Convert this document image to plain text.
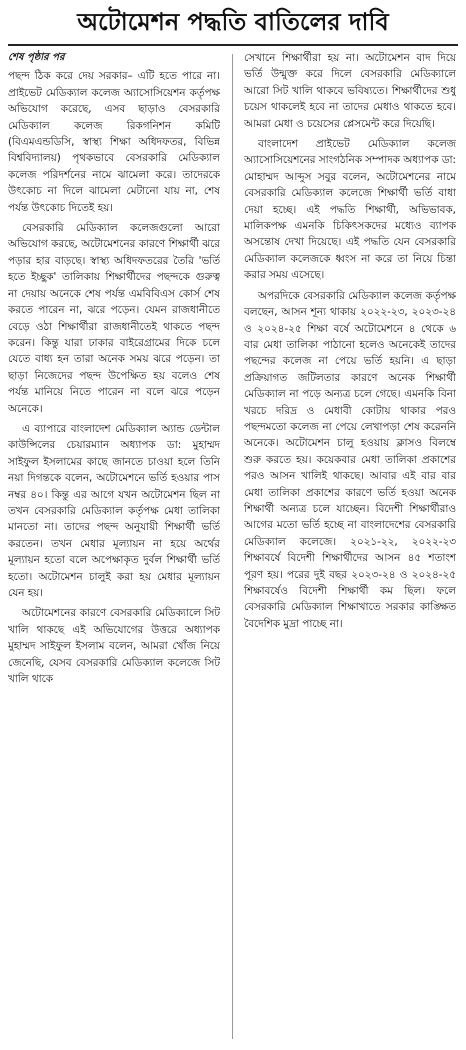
অটোমেশন পদ্ধতি বাতিলের দাবি
শেষ পৃষ্ঠার পর

পছন্দ ঠিক করে দেয় সরকার– এটি হতে পারে না। প্রাইভেট মেডিক্যাল কলেজ অ্যাসোসিয়েশন কর্তৃপক্ষ অভিযোগ করেছে, এসব ছাড়াও বেসরকারি মেডিক্যাল কলেজ রিকগনিশন কমিটি (বিএমএন্ডডিসি, স্বাস্থ্য শিক্ষা অধিদফতর, বিভিন্ন বিশ্ববিদ্যালয়) পৃথকভাবে বেসরকারি মেডিক্যাল কলেজ পরিদর্শনের নামে ঝামেলা করে। তাদেরকে উৎকোচ না দিলে ঝামেলা মেটানো যায় না, শেষ পর্যন্ত উৎকোচ দিতেই হয়।

বেসরকারি মেডিক্যাল কলেজগুলো আরো অভিযোগ করছে, অটোমেশনের কারণে শিক্ষার্থী ঝরে পড়ার হার বাড়ছে। স্বাস্থ্য অধিদফতরের তৈরি 'ভর্তি হতে ইচ্ছুক' তালিকায় শিক্ষার্থীদের পছন্দকে গুরুত্ব না দেয়ায় অনেকে শেষ পর্যন্ত এমবিবিএস কোর্স শেষ করতে পারেন না, ঝরে পড়েন। যেমন রাজধানীতে বেড়ে ওঠা শিক্ষার্থীরা রাজধানীতেই থাকতে পছন্দ করেন। কিন্তু যারা ঢাকার বাইরেগ্রামের দিকে চলে যেতে বাধ্য হন তারা অনেক সময় ঝরে পড়েন। তা ছাড়া নিজেদের পছন্দ উপেক্ষিত হয় বলেও শেষ পর্যন্ত মানিয়ে নিতে পারেন না বলে ঝরে পড়েন অনেকে।

এ ব্যাপারে বাংলাদেশ মেডিক্যাল অ্যান্ড ডেন্টাল কাউন্সিলের চেয়ারম্যান অধ্যাপক ডা: মুহাম্মদ সাইফুল ইসলামের কাছে জানতে চাওয়া হলে তিনি নয়া দিগন্তকে বলেন, অটোমেশনে ভর্তি হওয়ার পাস নম্বর ৪০। কিন্তু এর আগে যখন অটোমেশন ছিল না তখন বেসরকারি মেডিক্যাল কর্তৃপক্ষ মেধা তালিকা মানতো না। তাদের পছন্দ অনুযায়ী শিক্ষার্থী ভর্তি করতেন। তখন মেধার মূল্যায়ন না হয়ে অর্থের মূল্যায়ন হতো বলে অপেক্ষাকৃত দুর্বল শিক্ষার্থী ভর্তি হতো। অটোমেশন চালুই করা হয় মেধার মূল্যায়ন যেন হয়।

অটোমেশনের কারণে বেসরকারি মেডিক্যালে সিট খালি থাকছে এই অভিযোগের উত্তরে অধ্যাপক মুহাম্মদ সাইফুল ইসলাম বলেন, আমরা খোঁজ নিয়ে জেনেছি, যেসব বেসরকারি মেডিক্যাল কলেজে সিট খালি থাকে

সেখানে শিক্ষার্থীরা হয় না। অটোমেশন বাদ দিয়ে ভর্তি উন্মুক্ত করে দিলে বেসরকারি মেডিক্যালে আরো সিট খালি থাকবে ভবিষ্যতে। শিক্ষার্থীদের শুধু চয়েস থাকলেই হবে না তাদের মেধাও থাকতে হবে। আমরা মেধা ও চয়েসের প্লেসমেন্ট করে দিয়েছি।

বাংলাদেশ প্রাইভেট মেডিক্যাল কলেজ অ্যাসোসিয়েশনের সাংগঠনিক সম্পাদক অধ্যাপক ডা: মোহাম্মদ আব্দুস সবুর বলেন, অটোমেশনের নামে বেসরকারি মেডিক্যাল কলেজে শিক্ষার্থী ভর্তি বাধা দেয়া হচ্ছে। এই পদ্ধতি শিক্ষার্থী, অভিভাবক, মালিকপক্ষ এমনকি চিকিৎসকদের মধ্যেও ব্যাপক অসন্তোষ দেখা দিয়েছে। এই পদ্ধতি যেন বেসরকারি মেডিক্যাল কলেজকে ধ্বংস না করে তা নিয়ে চিন্তা করার সময় এসেছে।

অপরদিকে বেসরকারি মেডিক্যাল কলেজ কর্তৃপক্ষ বলছেন, আসন শূন্য থাকায় ২০২২-২৩, ২০২৩-২৪ ও ২০২৪-২৫ শিক্ষা বর্ষে অটোমেশনে ৪ থেকে ৬ বার মেধা তালিকা পাঠানো হলেও অনেকেই তাদের পছন্দের কলেজ না পেয়ে ভর্তি হয়নি। এ ছাড়া প্রক্রিয়াগত জটিলতার কারণে অনেক শিক্ষার্থী মেডিক্যাল না পড়ে অন্যত্র চলে গেছে। এমনকি বিনা খরচে দরিদ্র ও মেধাবী কোটায় থাকার পরও পছন্দমতো কলেজ না পেয়ে লেখাপড়া শেষ করেননি অনেকে। অটোমেশন চালু হওয়ায় ক্লাসও বিলম্বে শুরু করতে হয়। কয়েকবার মেধা তালিকা প্রকাশের পরও আসন খালিই থাকছে। আবার এই বার বার মেধা তালিকা প্রকাশের কারণে ভর্তি হওয়া অনেক শিক্ষার্থী অন্যত্র চলে যাচ্ছেন। বিদেশী শিক্ষার্থীরাও আগের মতো ভর্তি হচ্ছে না বাংলাদেশের বেসরকারি মেডিক্যাল কলেজে। ২০২১-২২, ২০২২-২৩ শিক্ষাবর্ষে বিদেশী শিক্ষার্থীদের আসন ৪৫ শতাংশ পূরণ হয়। পরের দুই বছর ২০২৩-২৪ ও ২০২৪-২৫ শিক্ষাবর্ষেও বিদেশী শিক্ষার্থী কম ছিল। ফলে বেসরকারি মেডিক্যাল শিক্ষাখাতে সরকার কাঙ্ক্ষিত বৈদেশিক মুদ্রা পাচ্ছে না।
